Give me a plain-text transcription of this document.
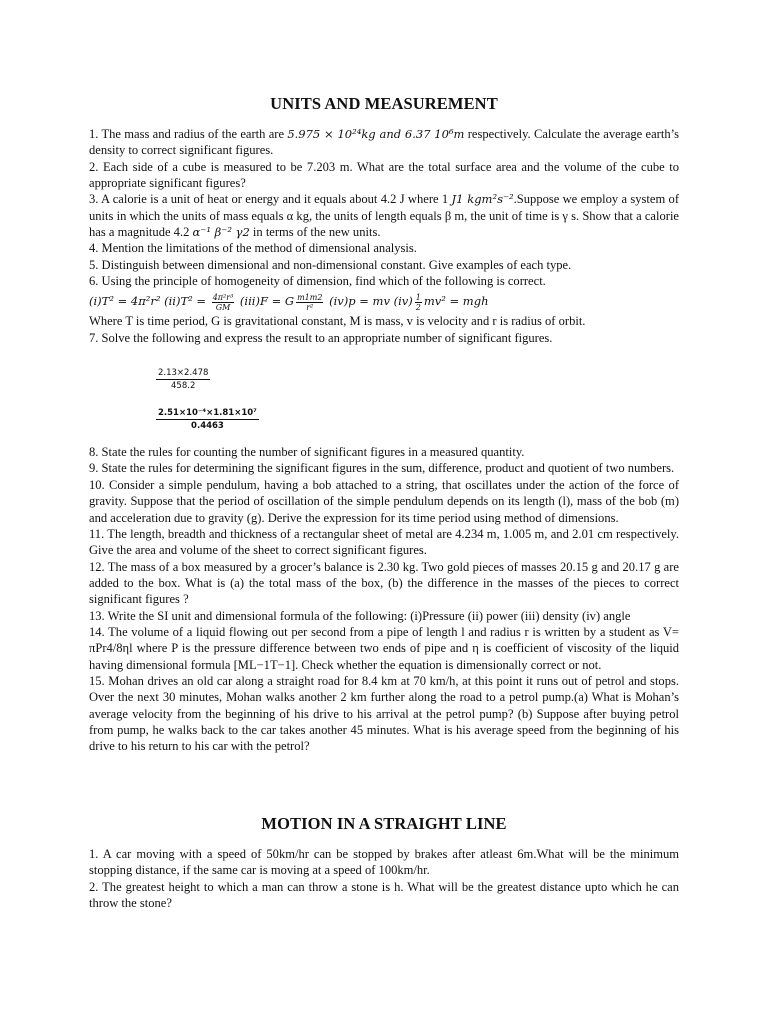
UNITS AND MEASUREMENT

1. The mass and radius of the earth are 5.975 × 10²⁴kg and 6.37 10⁶m respectively. Calculate the average earth’s density to correct significant figures.

2. Each side of a cube is measured to be 7.203 m. What are the total surface area and the volume of the cube to appropriate significant figures?

3. A calorie is a unit of heat or energy and it equals about 4.2 J where 1 J1 kgm²s⁻².Suppose we employ a system of units in which the units of mass equals α kg, the units of length equals β m, the unit of time is γ s. Show that a calorie has a magnitude 4.2 α⁻¹ β⁻² γ2 in terms of the new units.

4. Mention the limitations of the method of dimensional analysis.

5. Distinguish between dimensional and non-dimensional constant. Give examples of each type.

6. Using the principle of homogeneity of dimension, find which of the following is correct.

(i)T² = 4π²r² $(ii)T^2 = \frac{\text{4π²r³}}{GM} (iii)F = G \frac{m1m2}{\text{r²}} (iv)p$ = mv $(iv) \frac{1}{2} mv^2$ = mgh

Where T is time period, G is gravitational constant, M is mass, v is velocity and r is radius of orbit.

7. Solve the following and express the result to an appropriate number of significant figures.

$\frac{2.13\times 2.478}{458.2}$
$\frac{\text{2.51×10⁻⁴×1.81×10⁷}}{0.4463}$

8. State the rules for counting the number of significant figures in a measured quantity.

9. State the rules for determining the significant figures in the sum, difference, product and quotient of two numbers.

10. Consider a simple pendulum, having a bob attached to a string, that oscillates under the action of the force of gravity. Suppose that the period of oscillation of the simple pendulum depends on its length (l), mass of the bob (m) and acceleration due to gravity (g). Derive the expression for its time period using method of dimensions.

11. The length, breadth and thickness of a rectangular sheet of metal are 4.234 m, 1.005 m, and 2.01 cm respectively. Give the area and volume of the sheet to correct significant figures.

12. The mass of a box measured by a grocer’s balance is 2.30 kg. Two gold pieces of masses 20.15 g and 20.17 g are added to the box. What is (a) the total mass of the box, (b) the difference in the masses of the pieces to correct significant figures ?

13. Write the SI unit and dimensional formula of the following: (i)Pressure (ii) power (iii) density (iv) angle

14. The volume of a liquid flowing out per second from a pipe of length l and radius r is written by a student as V= πPr4/8ηl where P is the pressure difference between two ends of pipe and η is coefficient of viscosity of the liquid having dimensional formula [ML−1T−1]. Check whether the equation is dimensionally correct or not.

15. Mohan drives an old car along a straight road for 8.4 km at 70 km/h, at this point it runs out of petrol and stops. Over the next 30 minutes, Mohan walks another 2 km further along the road to a petrol pump.(a) What is Mohan’s average velocity from the beginning of his drive to his arrival at the petrol pump? (b) Suppose after buying petrol from pump, he walks back to the car takes another 45 minutes. What is his average speed from the beginning of his drive to his return to his car with the petrol?

MOTION IN A STRAIGHT LINE

1. A car moving with a speed of 50km/hr can be stopped by brakes after atleast 6m.What will be the minimum stopping distance, if the same car is moving at a speed of 100km/hr.

2. The greatest height to which a man can throw a stone is h. What will be the greatest distance upto which he can throw the stone?
